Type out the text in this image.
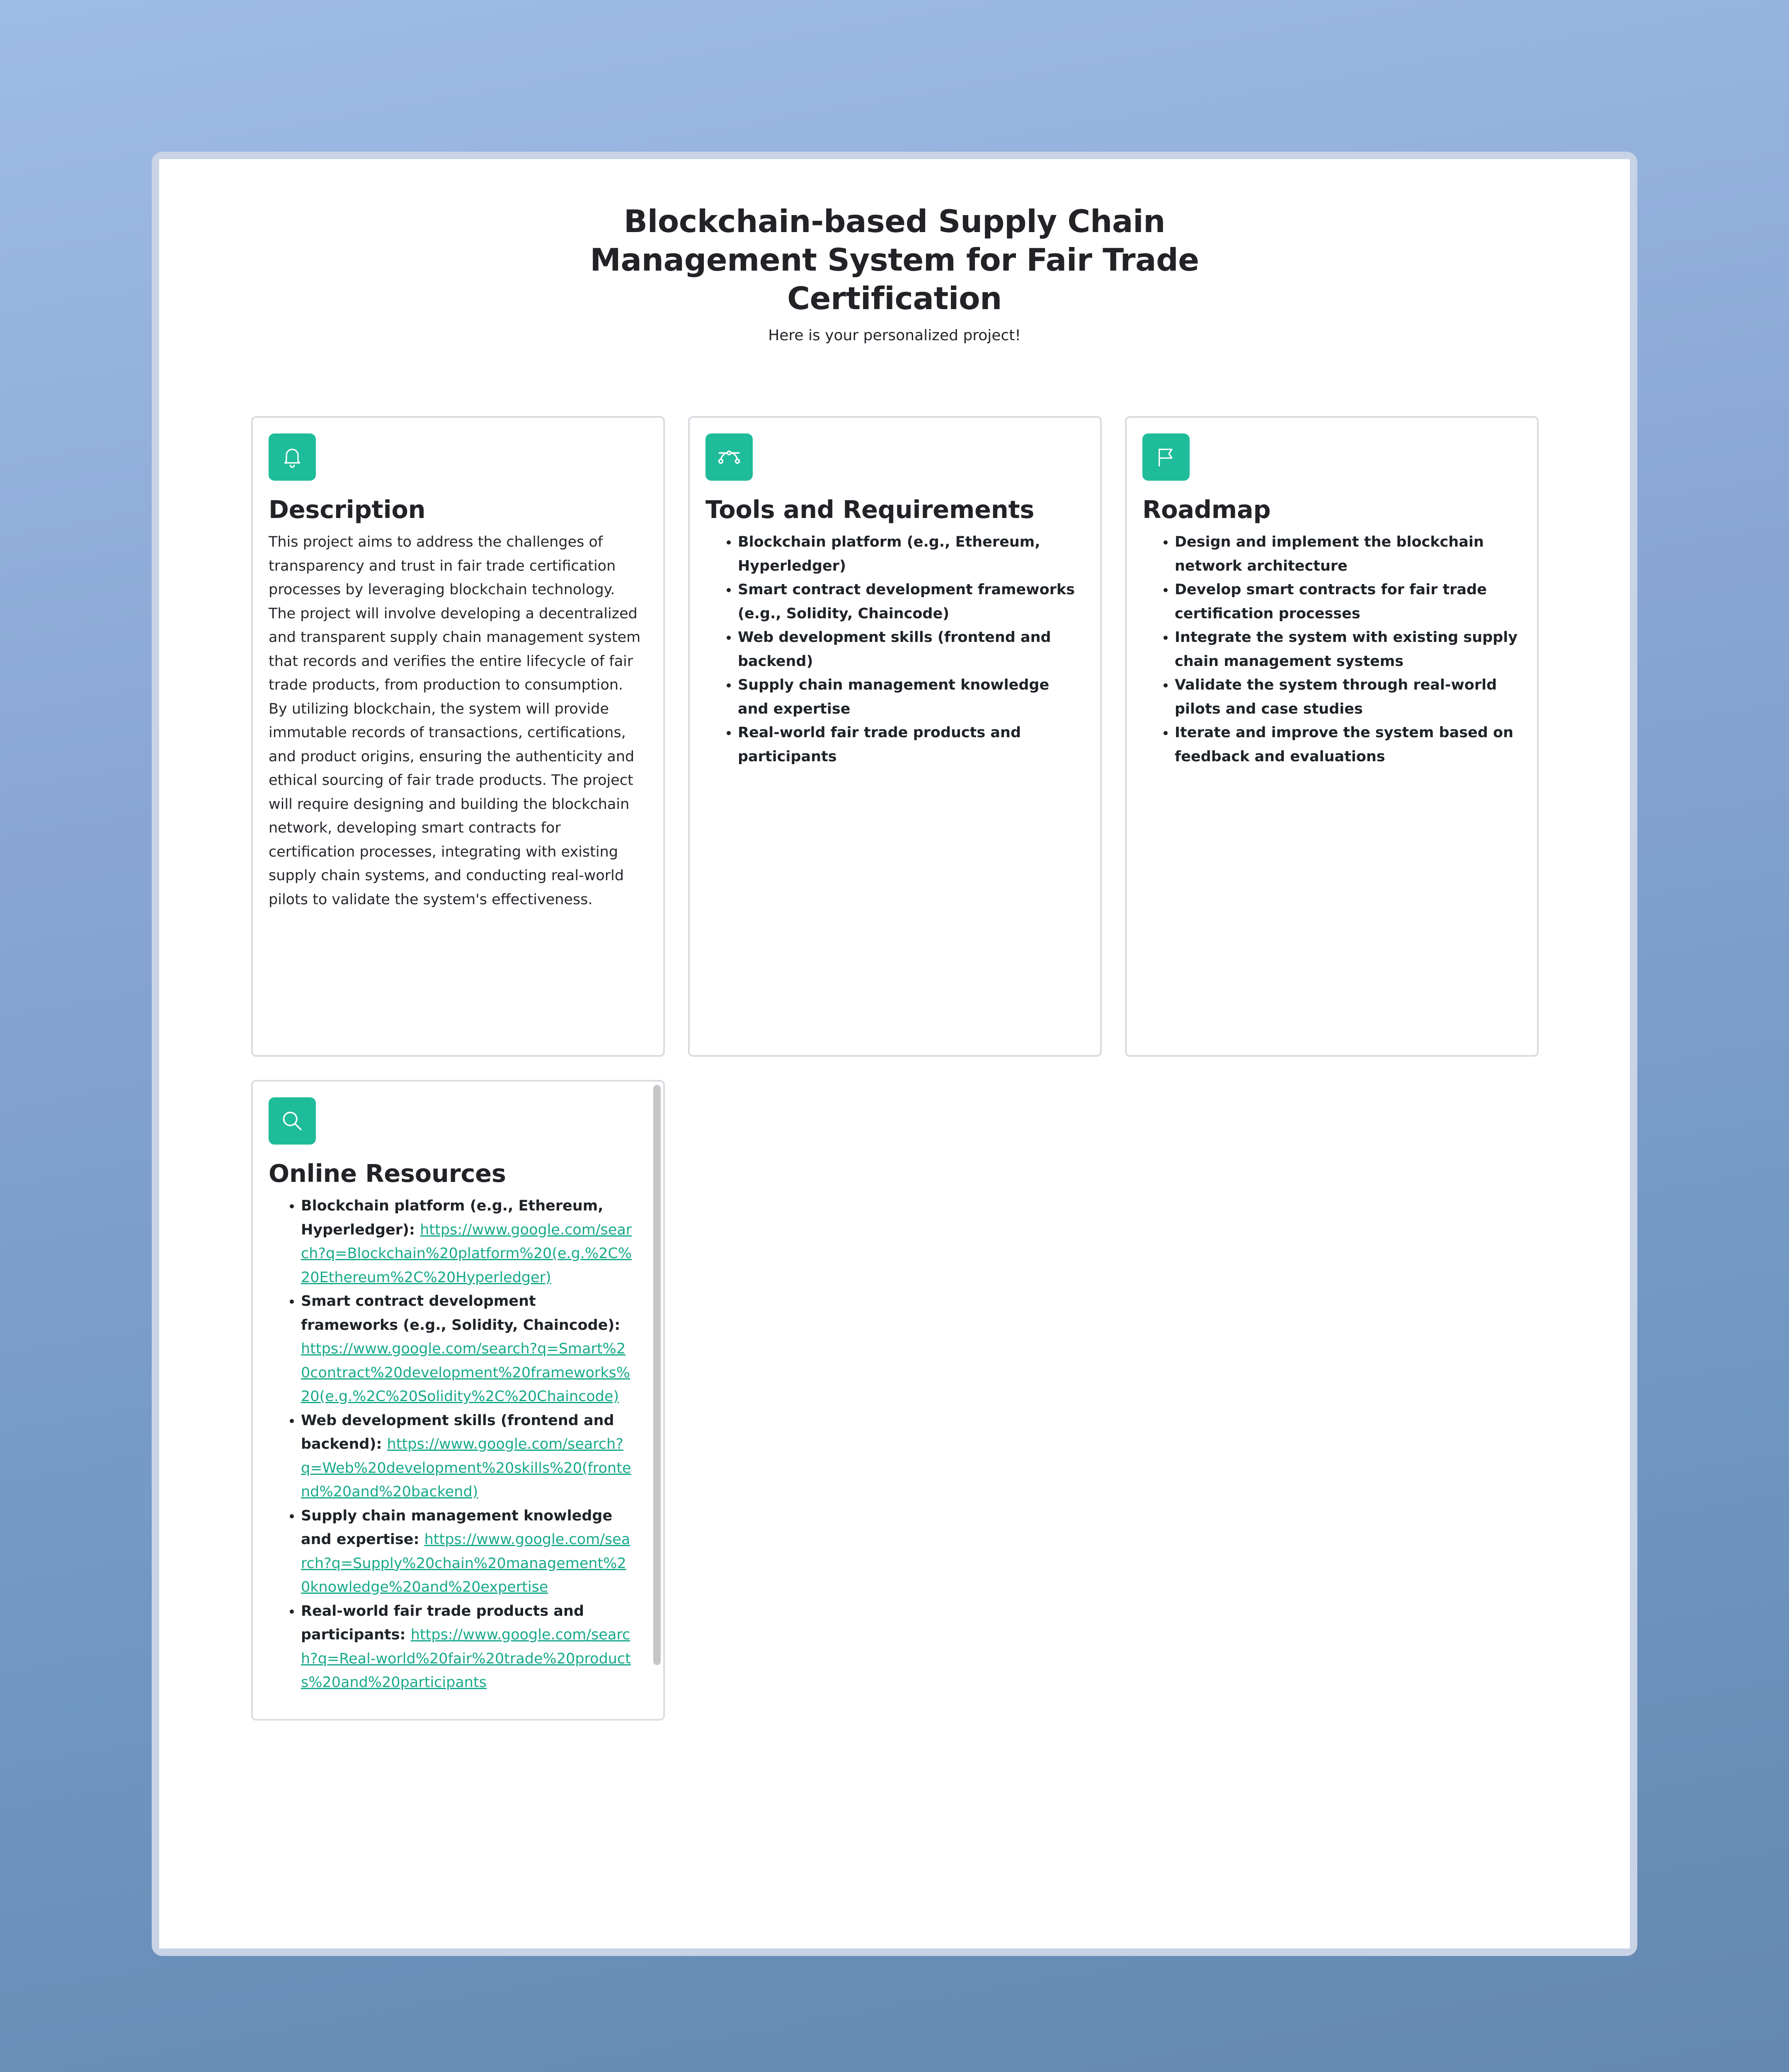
Blockchain-based Supply Chain Management System for Fair Trade Certification
Here is your personalized project!
Description

This project aims to address the challenges of transparency and trust in fair trade certification processes by leveraging blockchain technology. The project will involve developing a decentralized and transparent supply chain management system that records and verifies the entire lifecycle of fair trade products, from production to consumption. By utilizing blockchain, the system will provide immutable records of transactions, certifications, and product origins, ensuring the authenticity and ethical sourcing of fair trade products. The project will require designing and building the blockchain network, developing smart contracts for certification processes, integrating with existing supply chain systems, and conducting real-world pilots to validate the system's effectiveness.

Tools and Requirements
• Blockchain platform (e.g., Ethereum, Hyperledger)
• Smart contract development frameworks (e.g., Solidity, Chaincode)
• Web development skills (frontend and backend)
• Supply chain management knowledge and expertise
• Real-world fair trade products and participants
Roadmap
• Design and implement the blockchain network architecture
• Develop smart contracts for fair trade certification processes
• Integrate the system with existing supply chain management systems
• Validate the system through real-world pilots and case studies
• Iterate and improve the system based on feedback and evaluations
Online Resources
• Blockchain platform (e.g., Ethereum, Hyperledger): https://www.google.com/search?q=Blockchain%20platform%20(e.g.%2C%20Ethereum%2C%20Hyperledger)
• Smart contract development frameworks (e.g., Solidity, Chaincode): https://www.google.com/search?q=Smart%20contract%20development%20frameworks%20(e.g.%2C%20Solidity%2C%20Chaincode)
• Web development skills (frontend and backend): https://www.google.com/search?q=Web%20development%20skills%20(frontend%20and%20backend)
• Supply chain management knowledge and expertise: https://www.google.com/search?q=Supply%20chain%20management%20knowledge%20and%20expertise
• Real-world fair trade products and participants: https://www.google.com/search?q=Real-world%20fair%20trade%20products%20and%20participants
